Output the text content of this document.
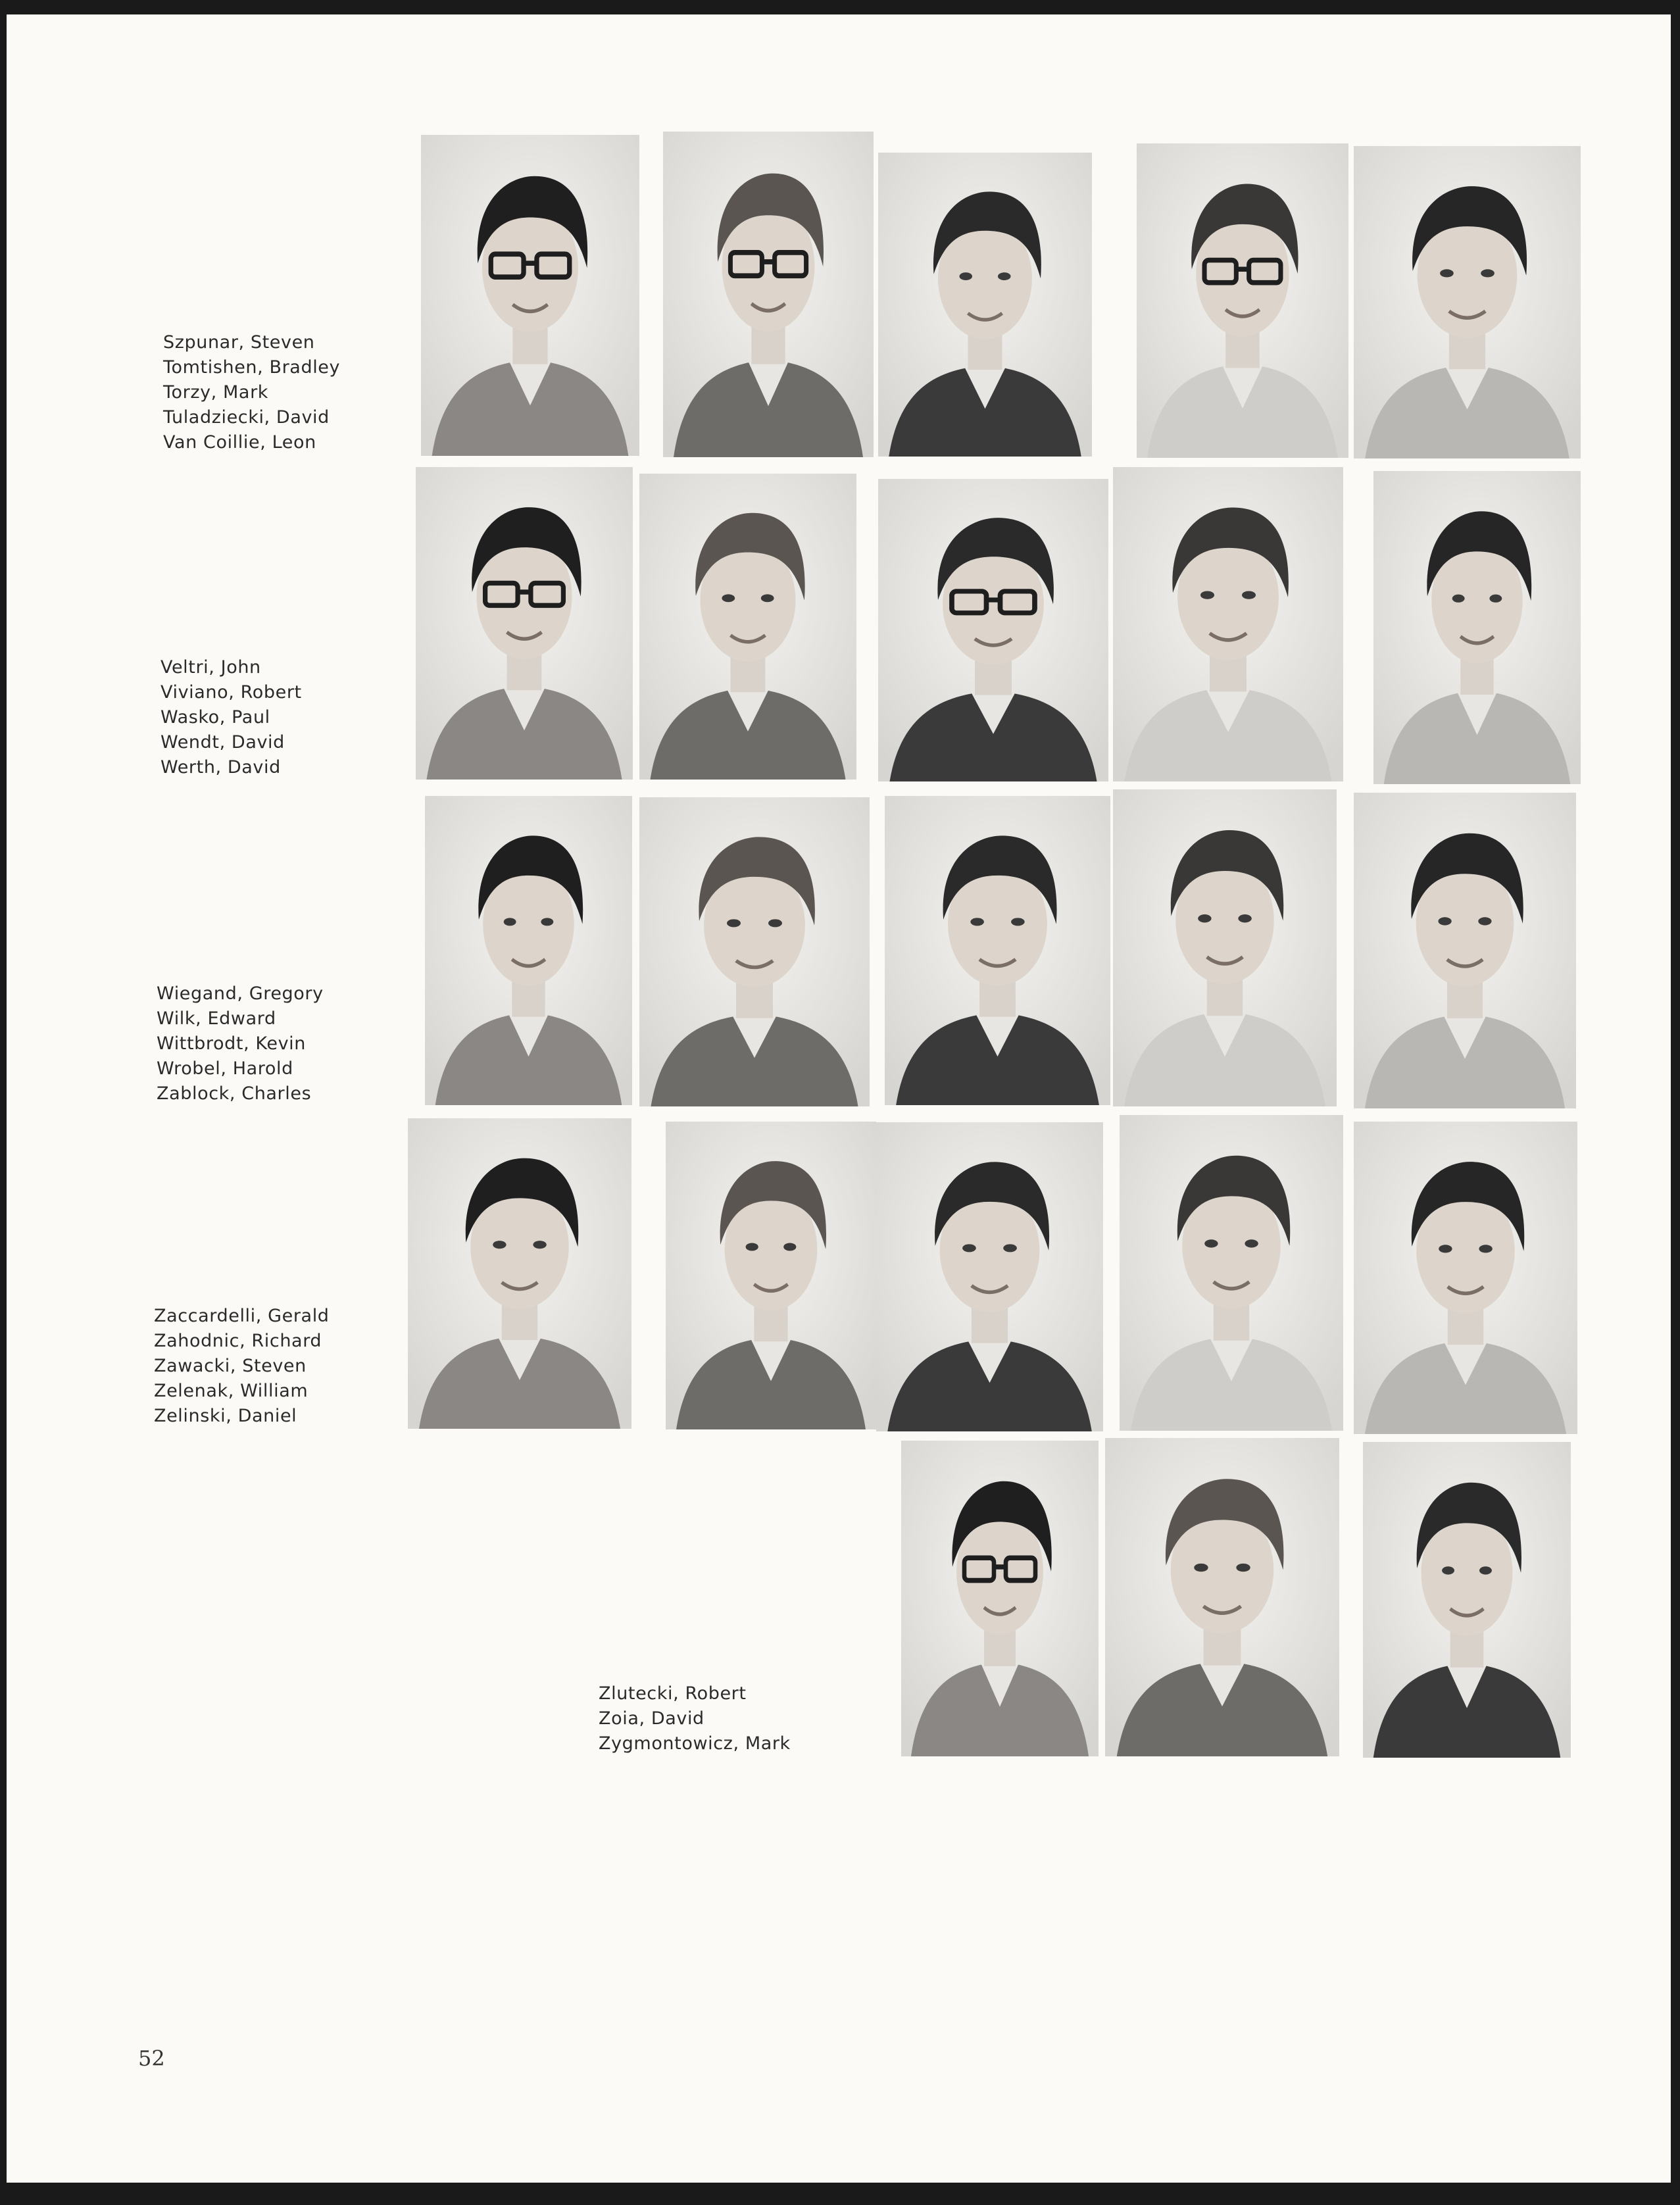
Szpunar, Steven
Tomtishen, Bradley
Torzy, Mark
Tuladziecki, David
Van Coillie, Leon
Veltri, John
Viviano, Robert
Wasko, Paul
Wendt, David
Werth, David
Wiegand, Gregory
Wilk, Edward
Wittbrodt, Kevin
Wrobel, Harold
Zablock, Charles
Zaccardelli, Gerald
Zahodnic, Richard
Zawacki, Steven
Zelenak, William
Zelinski, Daniel
Zlutecki, Robert
Zoia, David
Zygmontowicz, Mark
52
